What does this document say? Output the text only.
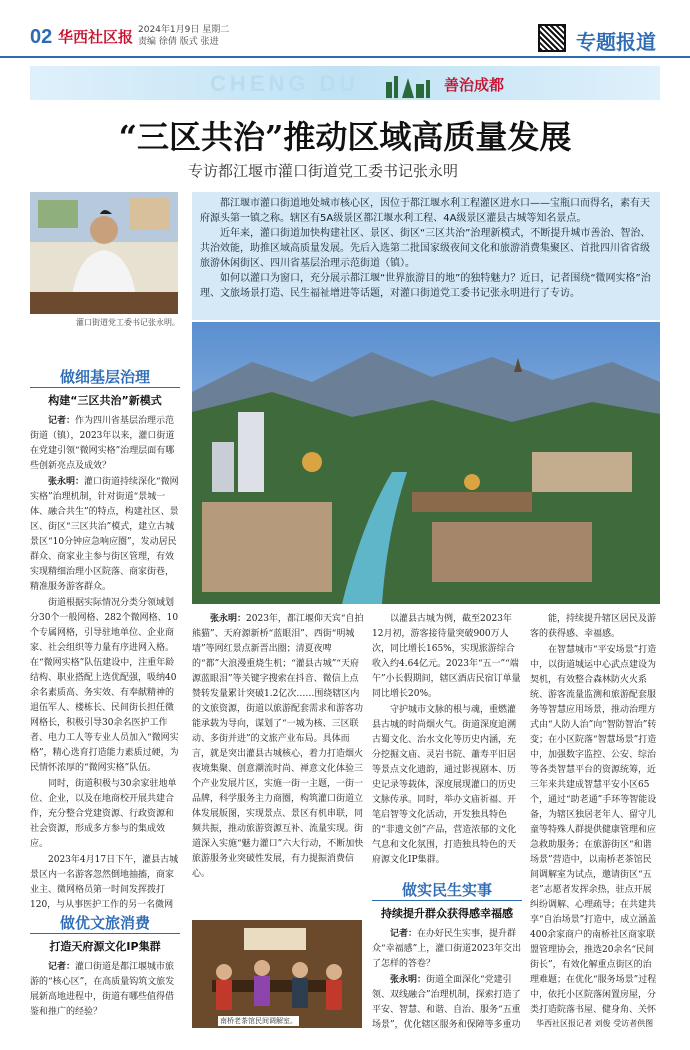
02 华西社区报 2024年1月9日 星期二
责编 徐倩 版式 张进	专题报道
CHENG DU	善治成都
“三区共治”推动区域高质量发展
专访都江堰市灌口街道党工委书记张永明
灌口街道党工委书记张永明。

都江堰市灌口街道地处城市核心区，因位于都江堰水利工程灌区进水口——宝瓶口而得名，素有天府源头第一镇之称。辖区有5A级景区都江堰水利工程、4A级景区灌县古城等知名景点。

近年来，灌口街道加快构建社区、景区、街区“三区共治”治理新模式，不断提升城市善治、智治、共治效能，助推区域高质量发展。先后入选第二批国家级夜间文化和旅游消费集聚区、首批四川省省级旅游休闲街区、四川省基层治理示范街道（镇）。

如何以灌口为窗口，充分展示都江堰“世界旅游目的地”的独特魅力？近日，记者围绕“微网实格”治理、文旅场景打造、民生福祉增进等话题，对灌口街道党工委书记张永明进行了专访。

做细基层治理
构建“三区共治”新模式

记者：作为四川省基层治理示范街道（镇），2023年以来，灌口街道在党建引领“微网实格”治理层面有哪些创新亮点及成效？

张永明：灌口街道持续深化“微网实格”治理机制，针对街道“景城一体、融合共生”的特点，构建社区、景区、街区“三区共治”模式，建立古城景区“10分钟应急响应圈”，发动居民群众、商家业主参与街区管理，有效实现精细治理小区院落、商家街巷，精准服务游客群众。

街道根据实际情况分类分领域划分30个一般网格、282个微网格、10个专属网格，引导驻地单位、企业商家、社会组织等力量有序进网入格。在“微网实格”队伍建设中，注重年龄结构、职业搭配上选优配强，吸纳40余名素质高、务实效、有奉献精神的退伍军人、楼栋长、民间街长担任微网格长，积极引导30余名医护工作者、电力工人等专业人员加入“微网实格”，精心选育打造能力素质过硬，为民情怀浓厚的“微网实格”队伍。

同时，街道积极与30余家驻地单位、企业，以及在地商校开展共建合作，充分整合党建资源、行政资源和社会资源，形成多方参与的集成效应。

2023年4月17日下午，灌县古城景区内一名游客忽然倒地抽搐，商家业主、微网格员第一时间发挥拨打120，与从事医护工作的另一名微网

做优文旅消费
打造天府源文化IP集群

记者：灌口街道是都江堰城市旅游的“核心区”，在高质量钩筑文旅发展新高地进程中，街道有哪些值得借鉴和推广的经验？

张永明：2023年，都江堰仰天宾“自拍熊猫”、天府源新桥“蓝眼泪”、西街“明城墙”等网红景点新晋出圈；清夏夜啤的“都”大浪漫重烧生机；“灌县古城”“天府源蓝眼泪”等关键字搜索在抖音、微信上点赞转发量累计突破1.2亿次……围绕辖区内的文旅资源，街道以旅游配套需求和游客功能承载为导向，谋划了“一城为核、三区联动、多街并进”的文旅产业布局。具体而言，就是突出灌县古城核心，着力打造烟火夜境集聚、创意潮流时尚、禅意文化体验三个产业发展片区，实施一街一主题，一街一品牌，科学服务主力商圈，构筑灌口街道立体发展版图，实现景点、景区有机串联，同频共振，推动旅游资源互补、流量实现。街道深入实施“魅力灌口”六大行动，不断加快旅游服务业突破性发展，有力提振消费信心。

南桥老茶馆民间调解室。

以灌县古城为例，截至2023年12月初，游客接待量突破900万人次，同比增长165%，实现旅游综合收入约4.64亿元。2023年“五一”“端午”小长假期间，辖区酒店民宿订单量同比增长20%。

守护城市文脉的根与魂，重燃灌县古城的时尚烟火气。街道深度追溯古蜀文化、治水文化等历史内涵，充分挖掘文庙、灵岩书院、蕭寿平旧居等景点文化遗韵，通过影视剧本、历史记录等载体，深度展现灌口的历史文脉传承。同时，举办文庙祈福、开笔启智等文化活动，开发独具特色的“非遗文创”产品，营造浓郁的文化气息和文化氛围，打造独具特色的天府源文化IP集群。

做实民生实事
持续提升群众获得感幸福感

记者：在办好民生实事，提升群众“幸福感”上，灌口街道2023年交出了怎样的答卷？

张永明：街道全面深化“党建引领、双线融合”治理机制，探索打造了平安、智慧、和谐、自治、服务“五重场景”，优化辖区服务和保障等多重功

能，持续提升辖区居民及游客的获得感、幸福感。

在智慧城市“平安场景”打造中，以街道城运中心武点建设为契机，有效整合森林防火火系统、游客流量监测和旅游配套服务等智慧应用场景，推动治理方式由“人防人治”向“智防智治”转变；在小区院落“智慧场景”打造中，加强数字监控、公安、综治等各类智慧平台的资源统筹，近三年来共建成智慧平安小区65个，通过“助老通”手环等智能设备，为辖区独居老年人、留守儿童等特殊人群提供健康管理和应急救助服务；在旅游街区“和谐场景”营造中，以南桥老茶馆民间调解室为试点，邀请街区“五老”志愿者发挥余热，驻点开展纠纷调解、心理疏导；在共建共享“自治场景”打造中，成立涵盖400余家商户的南桥社区商家联盟管理协会，推选20余名“民间街长”，有效化解重点街区的治理难题；在优化“服务场景”过程中，依托小区院落闲置房屋，分类打造院落书屋、健身角、关怀

华西社区报记者 刘俊 受访者供图
